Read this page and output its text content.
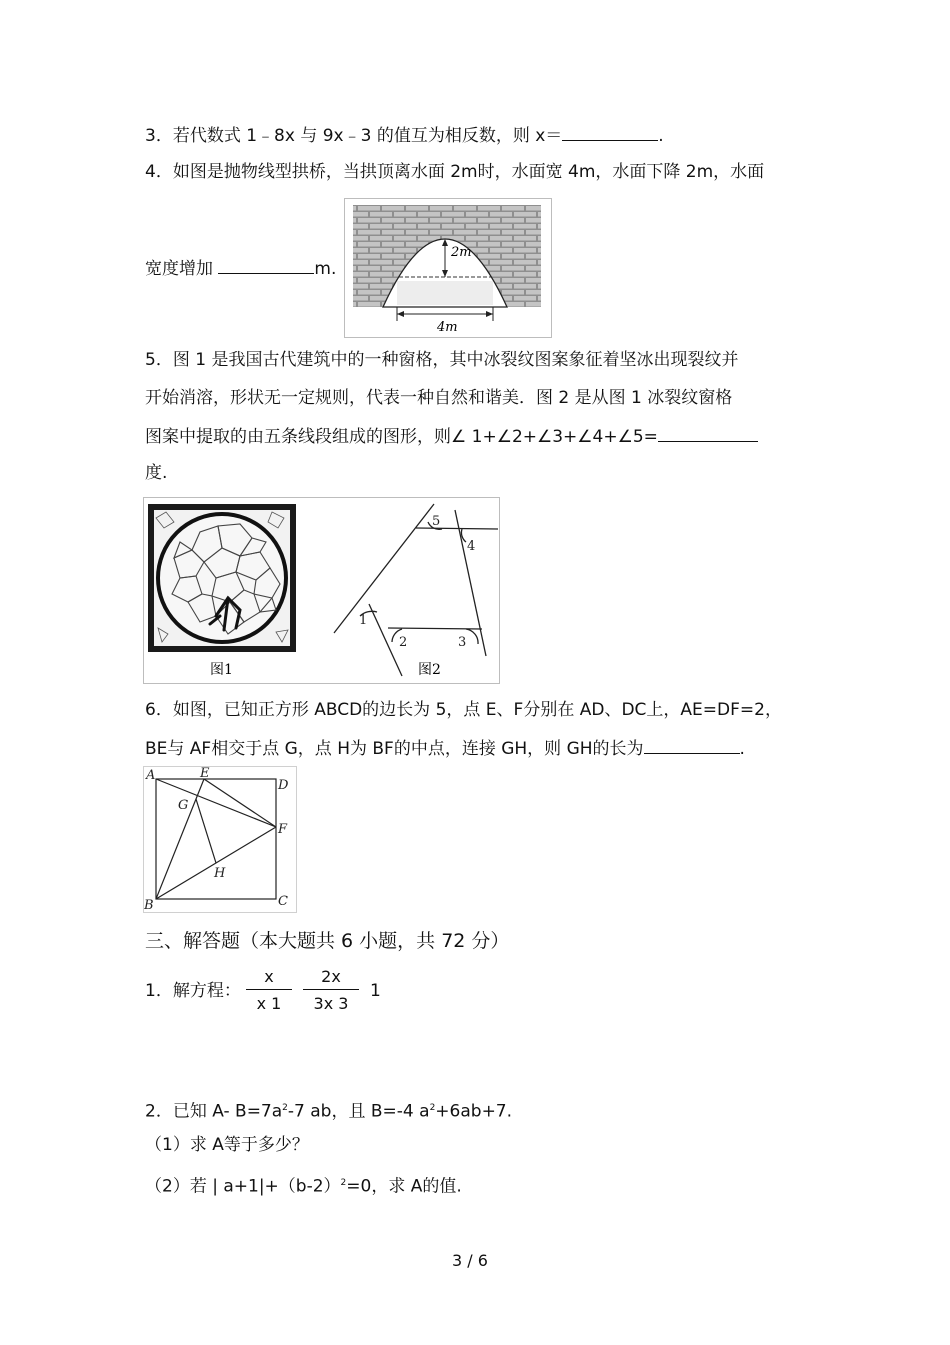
3．若代数式 1﹣8x 与 9x﹣3 的值互为相反数，则 x＝	.
4．如图是抛物线型拱桥，当拱顶离水面 2m时，水面宽 4m，水面下降 2m，水面
宽度增加	m.
2m
4m
5．图 1 是我国古代建筑中的一种窗格，其中冰裂纹图案象征着坚冰出现裂纹并
开始消溶，形状无一定规则，代表一种自然和谐美．图 2 是从图 1 冰裂纹窗格
图案中提取的由五条线段组成的图形，则∠ 1+∠2+∠3+∠4+∠5=
度.
图1
1
2	3
4
5
图2
6．如图，已知正方形 ABCD的边长为 5，点 E、F分别在 AD、DC上，AE=DF=2，
BE与 AF相交于点 G，点 H为 BF的中点，连接 GH，则 GH的长为	.
A	E
D
G
F
H
B	C
三、解答题（本大题共 6 小题，共 72 分）
1．解方程： $\frac{x}{x 1} \frac{2x}{3x 3} 1$
2．已知 A- $B=7a^2-7$ ab，且 B=-4 $a^2+6ab+7$.
（1）求 A等于多少？
（2）若 | $a+1|+(b-2)^2=0$，求 A的值.
3 / 6
